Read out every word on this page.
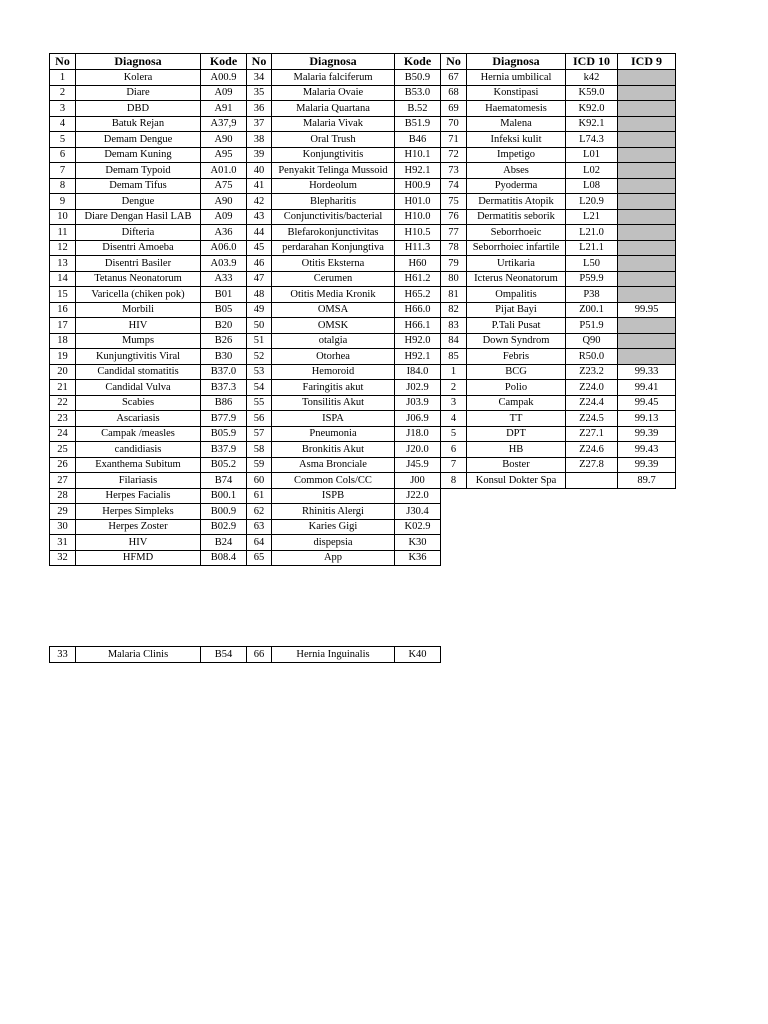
No	Diagnosa	Kode	No	Diagnosa	Kode	No	Diagnosa	ICD 10	ICD 9
1	Kolera	A00.9	34	Malaria falciferum	B50.9	67	Hernia umbilical	k42	
2	Diare	A09	35	Malaria Ovaie	B53.0	68	Konstipasi	K59.0	
3	DBD	A91	36	Malaria Quartana	B.52	69	Haematomesis	K92.0	
4	Batuk Rejan	A37,9	37	Malaria Vivak	B51.9	70	Malena	K92.1	
5	Demam Dengue	A90	38	Oral Trush	B46	71	Infeksi kulit	L74.3	
6	Demam Kuning	A95	39	Konjungtivitis	H10.1	72	Impetigo	L01	
7	Demam Typoid	A01.0	40	Penyakit Telinga Mussoid	H92.1	73	Abses	L02	
8	Demam Tifus	A75	41	Hordeolum	H00.9	74	Pyoderma	L08	
9	Dengue	A90	42	Blepharitis	H01.0	75	Dermatitis Atopik	L20.9	
10	Diare Dengan Hasil LAB	A09	43	Conjunctivitis/bacterial	H10.0	76	Dermatitis seborik	L21	
11	Difteria	A36	44	Blefarokonjunctivitas	H10.5	77	Seborrhoeic	L21.0	
12	Disentri Amoeba	A06.0	45	perdarahan Konjungtiva	H11.3	78	Seborrhoiec infartile	L21.1	
13	Disentri Basiler	A03.9	46	Otitis Eksterna	H60	79	Urtikaria	L50	
14	Tetanus Neonatorum	A33	47	Cerumen	H61.2	80	Icterus Neonatorum	P59.9	
15	Varicella (chiken pok)	B01	48	Otitis Media Kronik	H65.2	81	Ompalitis	P38	
16	Morbili	B05	49	OMSA	H66.0	82	Pijat Bayi	Z00.1	99.95
17	HIV	B20	50	OMSK	H66.1	83	P.Tali Pusat	P51.9	
18	Mumps	B26	51	otalgia	H92.0	84	Down Syndrom	Q90	
19	Kunjungtivitis Viral	B30	52	Otorhea	H92.1	85	Febris	R50.0	
20	Candidal stomatitis	B37.0	53	Hemoroid	I84.0	1	BCG	Z23.2	99.33
21	Candidal Vulva	B37.3	54	Faringitis akut	J02.9	2	Polio	Z24.0	99.41
22	Scabies	B86	55	Tonsilitis Akut	J03.9	3	Campak	Z24.4	99.45
23	Ascariasis	B77.9	56	ISPA	J06.9	4	TT	Z24.5	99.13
24	Campak /measles	B05.9	57	Pneumonia	J18.0	5	DPT	Z27.1	99.39
25	candidiasis	B37.9	58	Bronkitis Akut	J20.0	6	HB	Z24.6	99.43
26	Exanthema Subitum	B05.2	59	Asma Bronciale	J45.9	7	Boster	Z27.8	99.39
27	Filariasis	B74	60	Common Cols/CC	J00	8	Konsul Dokter Spa		89.7
28	Herpes Facialis	B00.1	61	ISPB	J22.0				
29	Herpes Simpleks	B00.9	62	Rhinitis Alergi	J30.4				
30	Herpes Zoster	B02.9	63	Karies Gigi	K02.9				
31	HIV	B24	64	dispepsia	K30				
32	HFMD	B08.4	65	App	K36				
33	Malaria Clinis	B54	66	Hernia Inguinalis	K40
